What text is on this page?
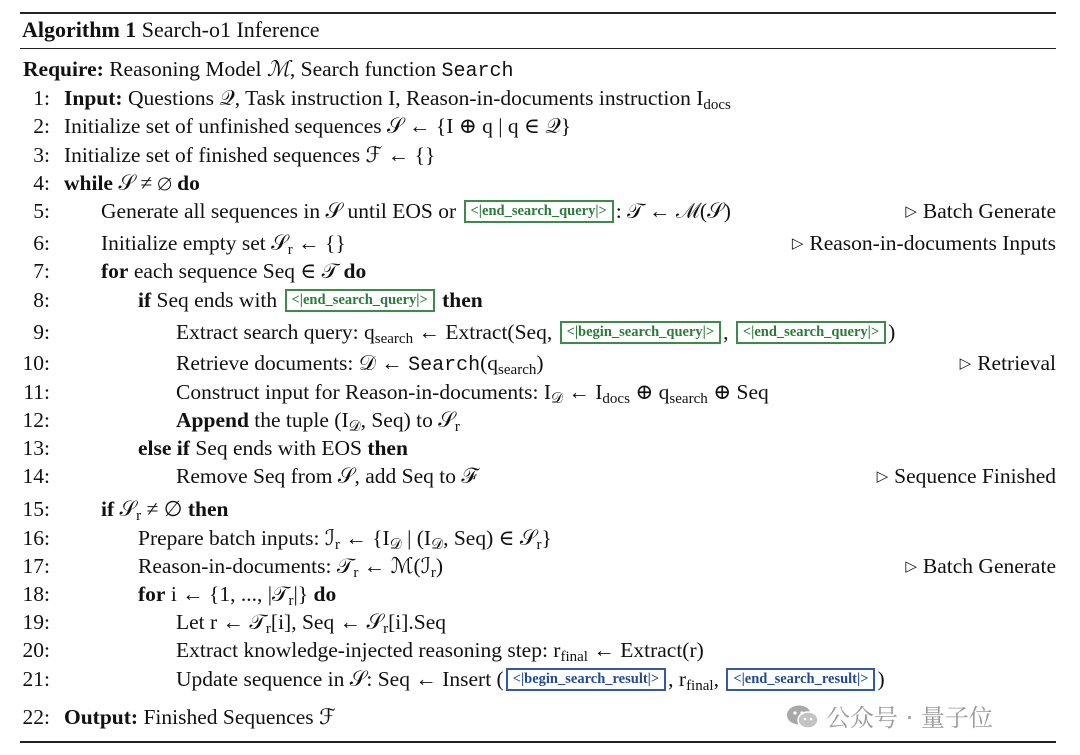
Algorithm 1 Search-o1 Inference
Require: Reasoning Model ℳ, Search function Search
1: Input: Questions 𝒬, Task instruction I, Reason-in-documents instruction Idocs
2: Initialize set of unfinished sequences 𝒮 ← {I ⊕ q | q ∈ 𝒬}
3: Initialize set of finished sequences ℱ ← {}
4: while 𝒮 ≠ ∅ do
5: Generate all sequences in 𝒮 until EOS or <|end_search_query|> : 𝒯 ← ℳ(𝒮)	▷ Batch Generate
6: Initialize empty set 𝒮r ← {}	▷ Reason-in-documents Inputs
7: for each sequence Seq ∈ 𝒯 do
8:	if Seq ends with <|end_search_query|> then
9:	Extract search query: qsearch ← Extract(Seq, <|begin_search_query|> , <|end_search_query|> )
10:	Retrieve documents: 𝒟 ← Search(qsearch)	▷ Retrieval
11:	Construct input for Reason-in-documents: I𝒟 ← Idocs ⊕ qsearch ⊕ Seq
12:	Append the tuple (I𝒟, Seq) to 𝒮r
13:	else if Seq ends with EOS then
14:	Remove Seq from 𝒮, add Seq to ℱ	▷ Sequence Finished
15: if 𝒮r ≠ ∅ then
16:	Prepare batch inputs: ℐr ← {I𝒟 | (I𝒟, Seq) ∈ 𝒮r}
17:	Reason-in-documents: 𝒯r ← ℳ(ℐr)	▷ Batch Generate
18:	for i ← {1, ..., |𝒯r|} do
19:	Let r ← 𝒯r[i], Seq ← 𝒮r[i].Seq
20:	Extract knowledge-injected reasoning step: rfinal ← Extract(r)
21:	Update sequence in 𝒮: Seq ← Insert ( <|begin_search_result|> , rfinal, <|end_search_result|> )
22: Output: Finished Sequences ℱ	公众号 · 量子位
